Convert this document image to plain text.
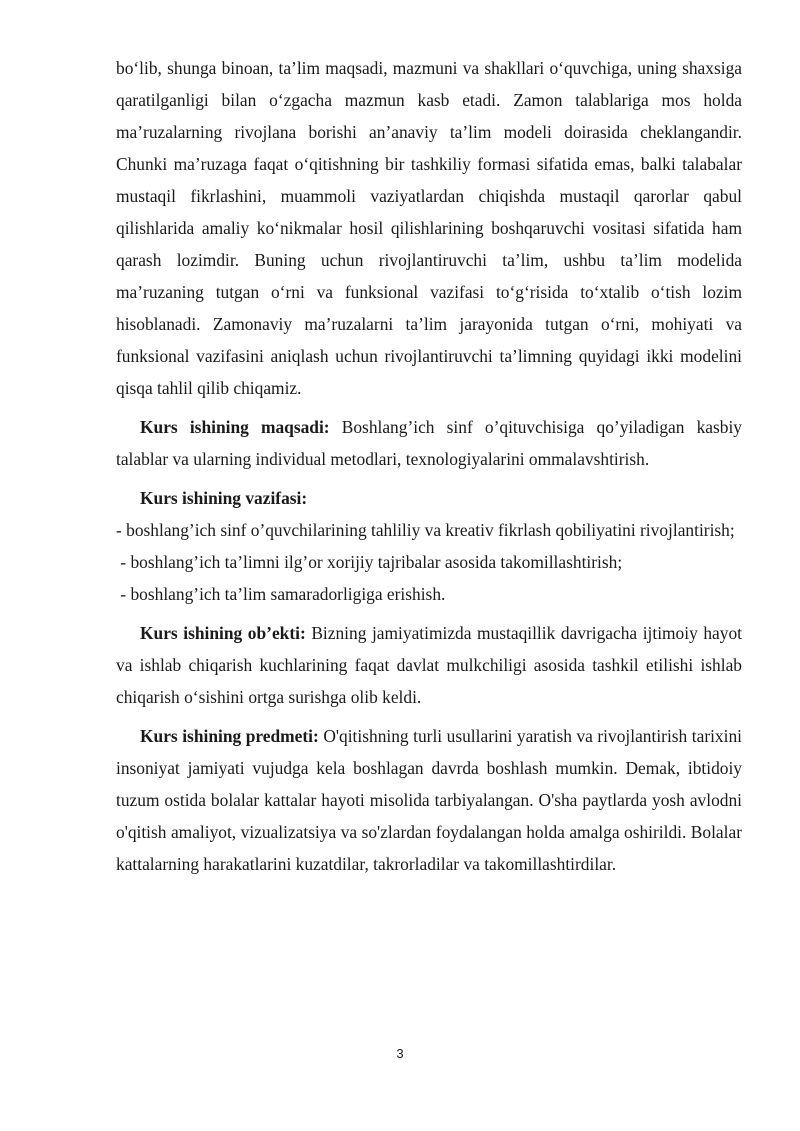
bo‘lib, shunga binoan, ta’lim maqsadi, mazmuni va shakllari o‘quvchiga, uning shaxsiga qaratilganligi bilan o‘zgacha mazmun kasb etadi. Zamon talablariga mos holda ma’ruzalarning rivojlana borishi an’anaviy ta’lim modeli doirasida cheklangandir. Chunki ma’ruzaga faqat o‘qitishning bir tashkiliy formasi sifatida emas, balki talabalar mustaqil fikrlashini, muammoli vaziyatlardan chiqishda mustaqil qarorlar qabul qilishlarida amaliy ko‘nikmalar hosil qilishlarining boshqaruvchi vositasi sifatida ham qarash lozimdir. Buning uchun rivojlantiruvchi ta’lim, ushbu ta’lim modelida ma’ruzaning tutgan o‘rni va funksional vazifasi to‘g‘risida to‘xtalib o‘tish lozim hisoblanadi. Zamonaviy ma’ruzalarni ta’lim jarayonida tutgan o‘rni, mohiyati va funksional vazifasini aniqlash uchun rivojlantiruvchi ta’limning quyidagi ikki modelini qisqa tahlil qilib chiqamiz.

Kurs ishining maqsadi: Boshlang’ich sinf o’qituvchisiga qo’yiladigan kasbiy talablar va ularning individual metodlari, texnologiyalarini ommalavshtirish.

Kurs ishining vazifasi:

- boshlang’ich sinf o’quvchilarining tahliliy va kreativ fikrlash qobiliyatini rivojlantirish;

- boshlang’ich ta’limni ilg’or xorijiy tajribalar asosida takomillashtirish;

- boshlang’ich ta’lim samaradorligiga erishish.

Kurs ishining ob’ekti: Bizning jamiyatimizda mustaqillik davrigacha ijtimoiy hayot va ishlab chiqarish kuchlarining faqat davlat mulkchiligi asosida tashkil etilishi ishlab chiqarish o‘sishini ortga surishga olib keldi.

Kurs ishining predmeti: O'qitishning turli usullarini yaratish va rivojlantirish tarixini insoniyat jamiyati vujudga kela boshlagan davrda boshlash mumkin. Demak, ibtidoiy tuzum ostida bolalar kattalar hayoti misolida tarbiyalangan. O'sha paytlarda yosh avlodni o'qitish amaliyot, vizualizatsiya va so'zlardan foydalangan holda amalga oshirildi. Bolalar kattalarning harakatlarini kuzatdilar, takrorladilar va takomillashtirdilar.

3
